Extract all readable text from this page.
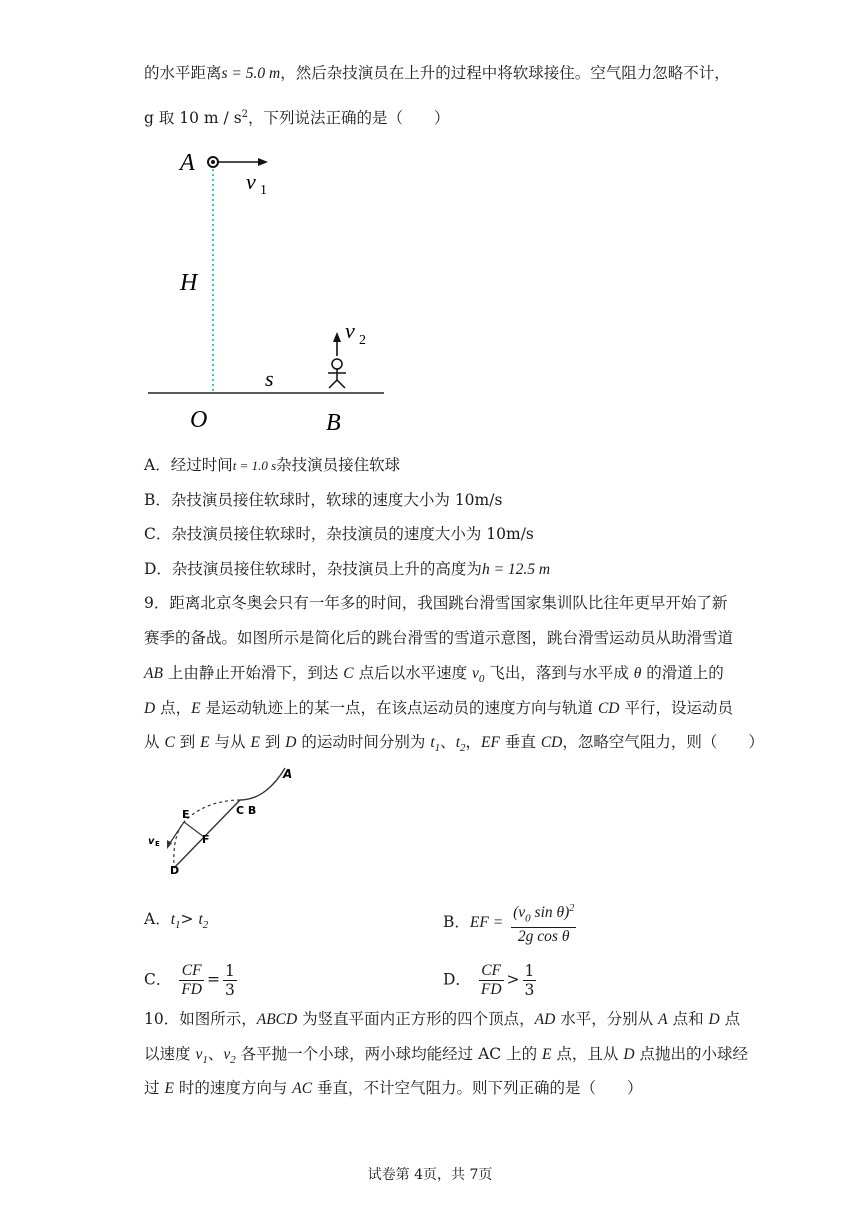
的水平距离s = 5.0 m，然后杂技演员在上升的过程中将软球接住。空气阻力忽略不计，
g 取 10 m / $s^2$，下列说法正确的是（　　）
A
v 1
H
O
s
B
v 2
A．经过时间t = 1.0 s杂技演员接住软球
B．杂技演员接住软球时，软球的速度大小为 10m/s
C．杂技演员接住软球时，杂技演员的速度大小为 10m/s
D．杂技演员接住软球时，杂技演员上升的高度为h = 12.5 m
9．距离北京冬奥会只有一年多的时间，我国跳台滑雪国家集训队比往年更早开始了新
赛季的备战。如图所示是简化后的跳台滑雪的雪道示意图，跳台滑雪运动员从助滑雪道
AB 上由静止开始滑下，到达 C 点后以水平速度 $v_0$ 飞出，落到与水平成 θ 的滑道上的
D 点，E 是运动轨迹上的某一点，在该点运动员的速度方向与轨道 CD 平行，设运动员
从 C 到 E 与从 E 到 D 的运动时间分别为 $t_1$、$t_2$，EF 垂直 CD，忽略空气阻力，则（　　）
A
E	C B
v E	F
D
A．$t_1> t_2$	B．EF = $\frac{(v_0 \sin \theta)^2}{\text{2g cos θ}}$
C． $\frac{CF}{FD} = \frac{1}{3}$	D． $\frac{CF}{FD} > \frac{1}{3}$
10．如图所示，ABCD 为竖直平面内正方形的四个顶点，AD 水平，分别从 A 点和 D 点
以速度 $v_1$、$v_2$ 各平抛一个小球，两小球均能经过 AC 上的 E 点，且从 D 点抛出的小球经
过 E 时的速度方向与 AC 垂直，不计空气阻力。则下列正确的是（　　）
试卷第 4页，共 7页
